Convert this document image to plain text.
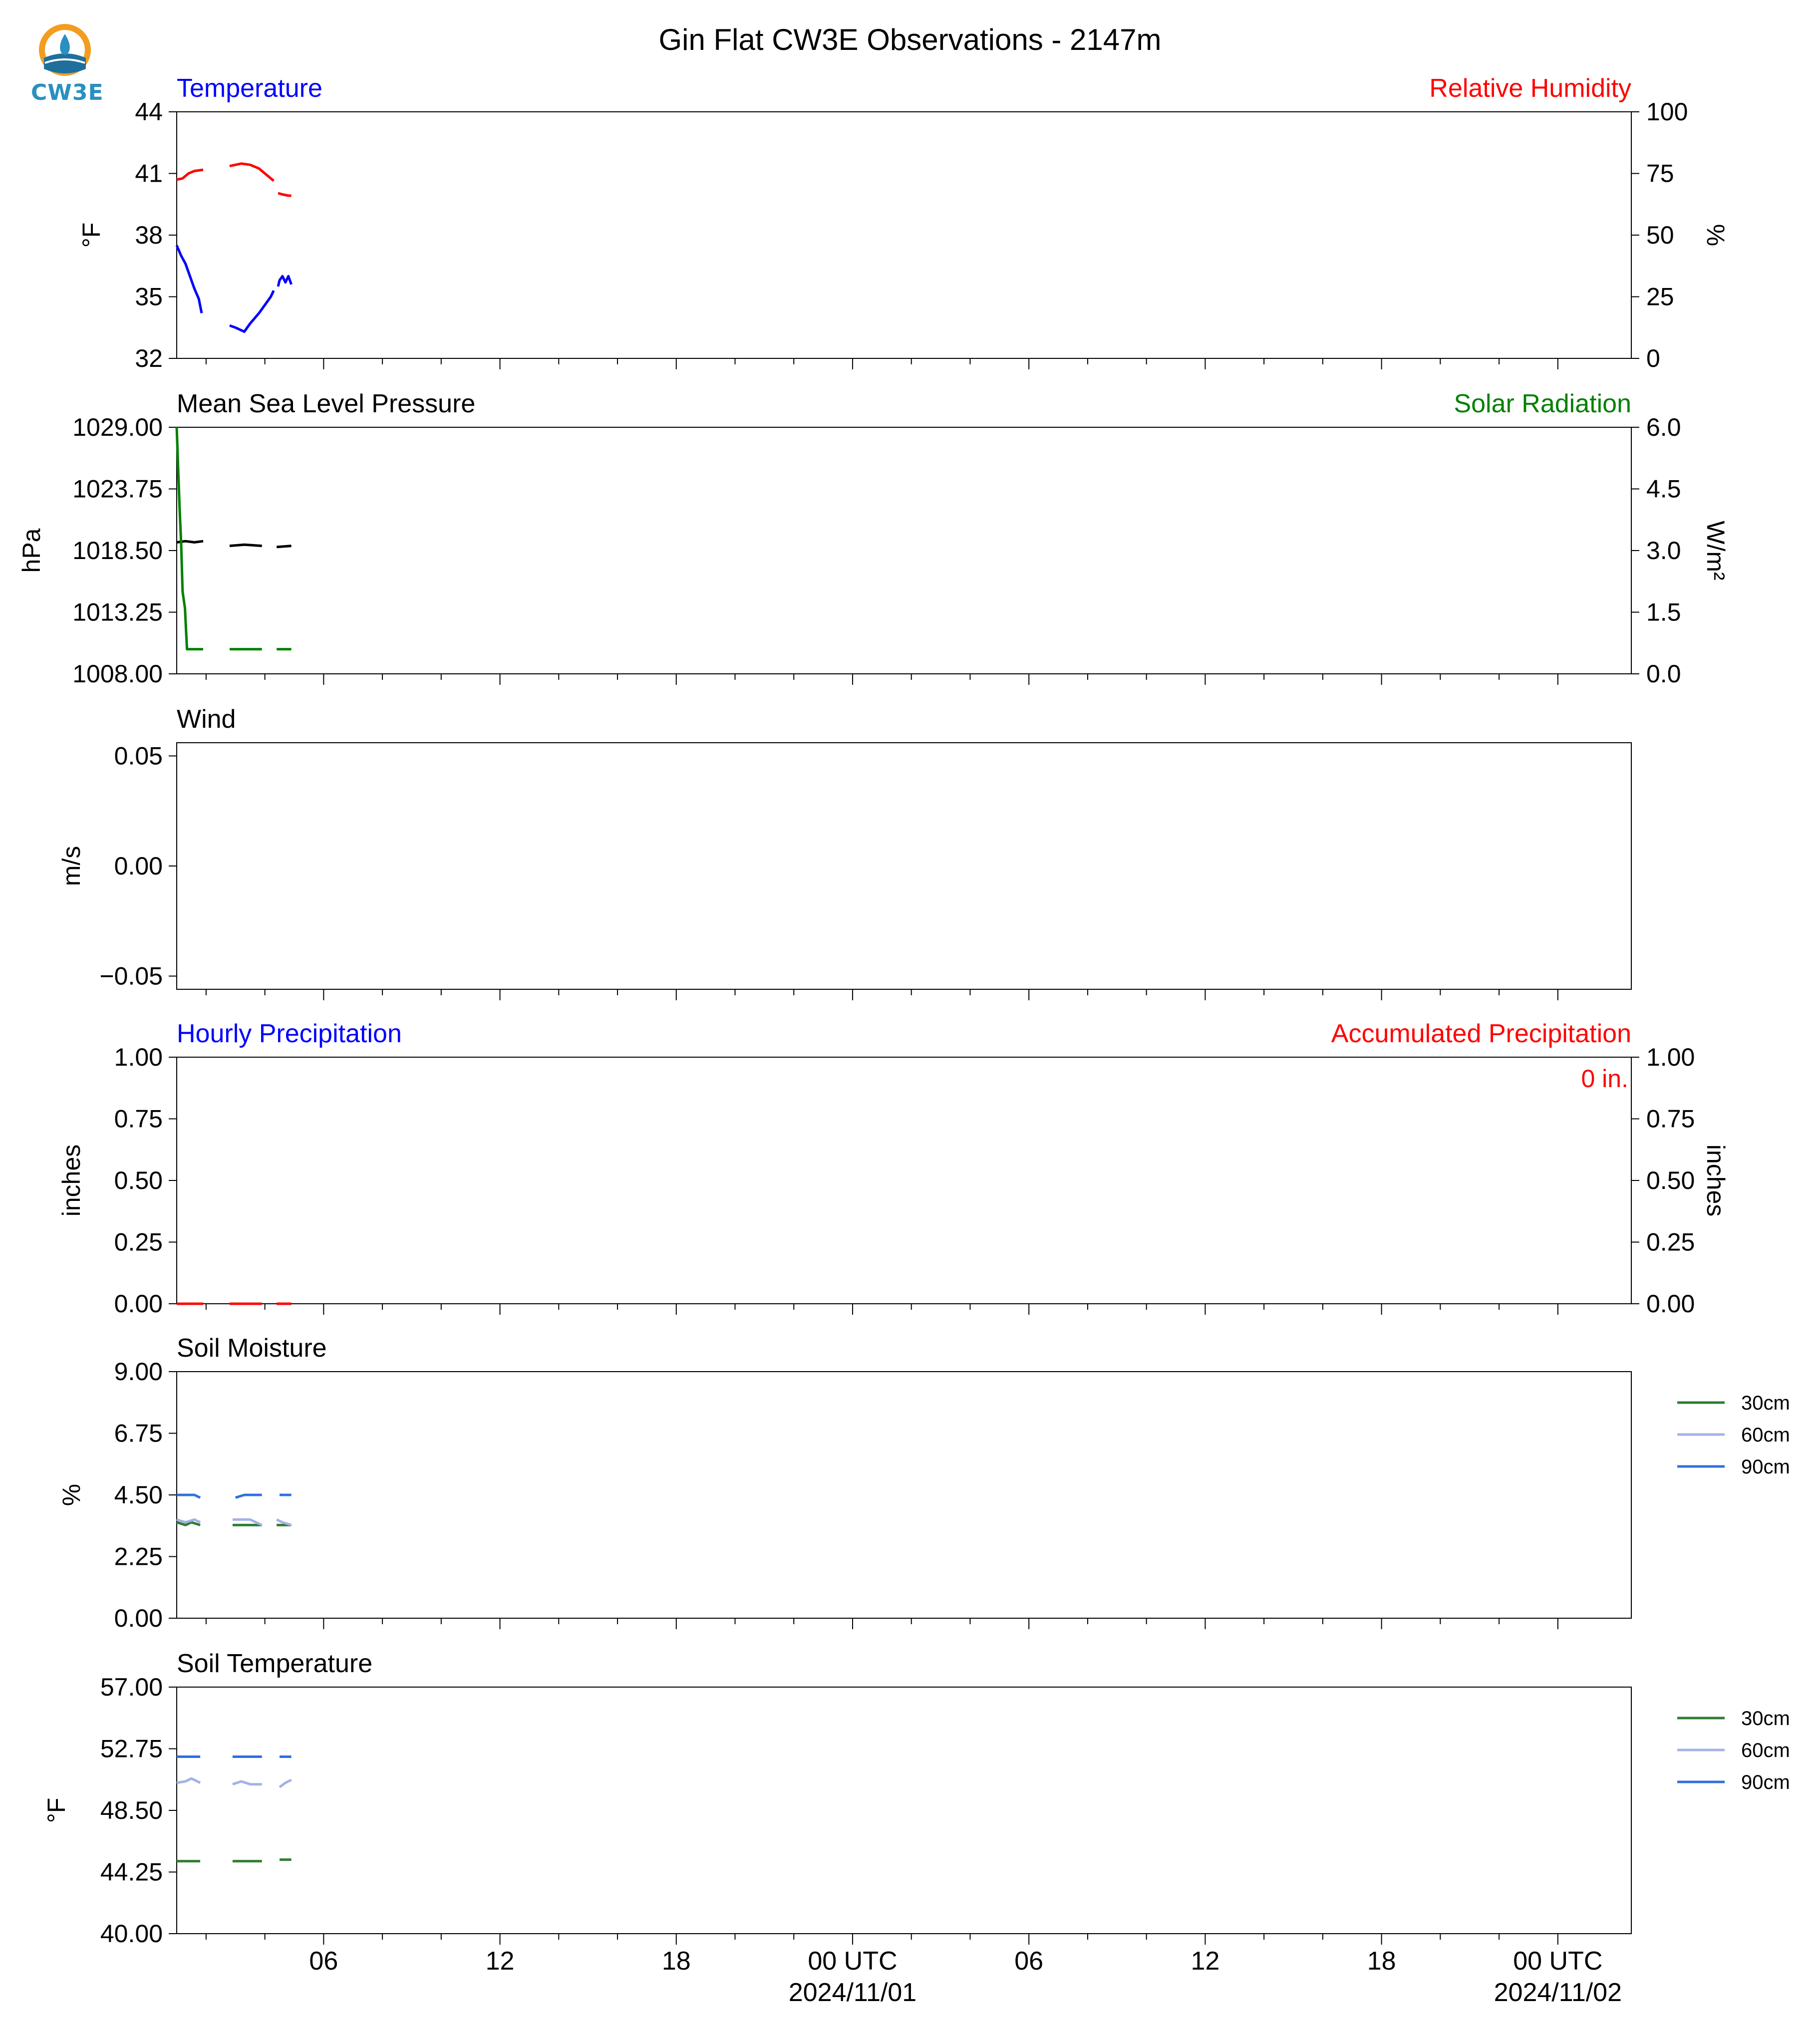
Gin Flat CW3E Observations - 2147m
32
35
38
41
44
0
25
50
75
100
Temperature	Relative Humidity
°F	%
1008.00
1013.25
1018.50
1023.75
1029.00
0.0
1.5
3.0
4.5
6.0
Mean Sea Level Pressure	Solar Radiation
hPa	W/m²
−0.05
0.00
0.05
Wind
m/s
0.00
0.25
0.50
0.75
1.00
0.00
0.25
0.50
0.75
1.00
Hourly Precipitation	Accumulated Precipitation
inches	inches
0 in.
0.00
2.25
4.50
6.75
9.00
Soil Moisture
%
30cm
60cm
90cm
40.00
44.25
48.50
52.75
57.00
Soil Temperature
°F
30cm
60cm
90cm
06	12	18	00 UTC	06	12	18	00 UTC
2024/11/01	2024/11/02
CW3E
